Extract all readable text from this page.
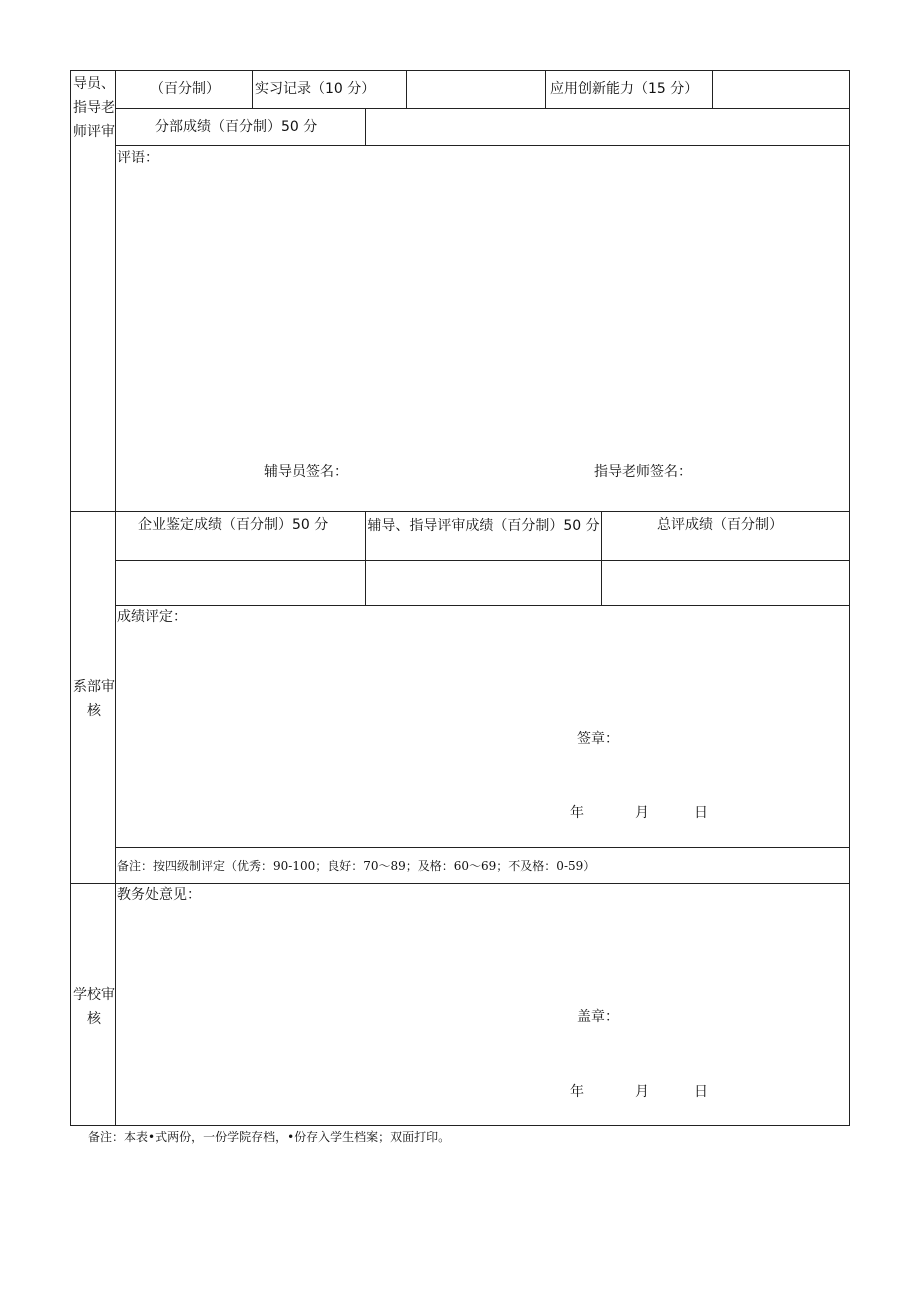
导员、指导老师评审
（百分制）	实习记录（10 分）	应用创新能力（15 分）
分部成绩（百分制）50 分
评语：
辅导员签名：	指导老师签名：
系部审核
企业鉴定成绩（百分制）50 分	辅导、指导评审成绩（百分制）50 分	总评成绩（百分制）
成绩评定：
签章：
年	月	日
备注：按四级制评定（优秀：90-100；良好：70～89；及格：60～69；不及格：0-59）
学校审核
教务处意见：
盖章：
年	月	日
备注：本表•式两份，一份学院存档，•份存入学生档案；双面打印。
